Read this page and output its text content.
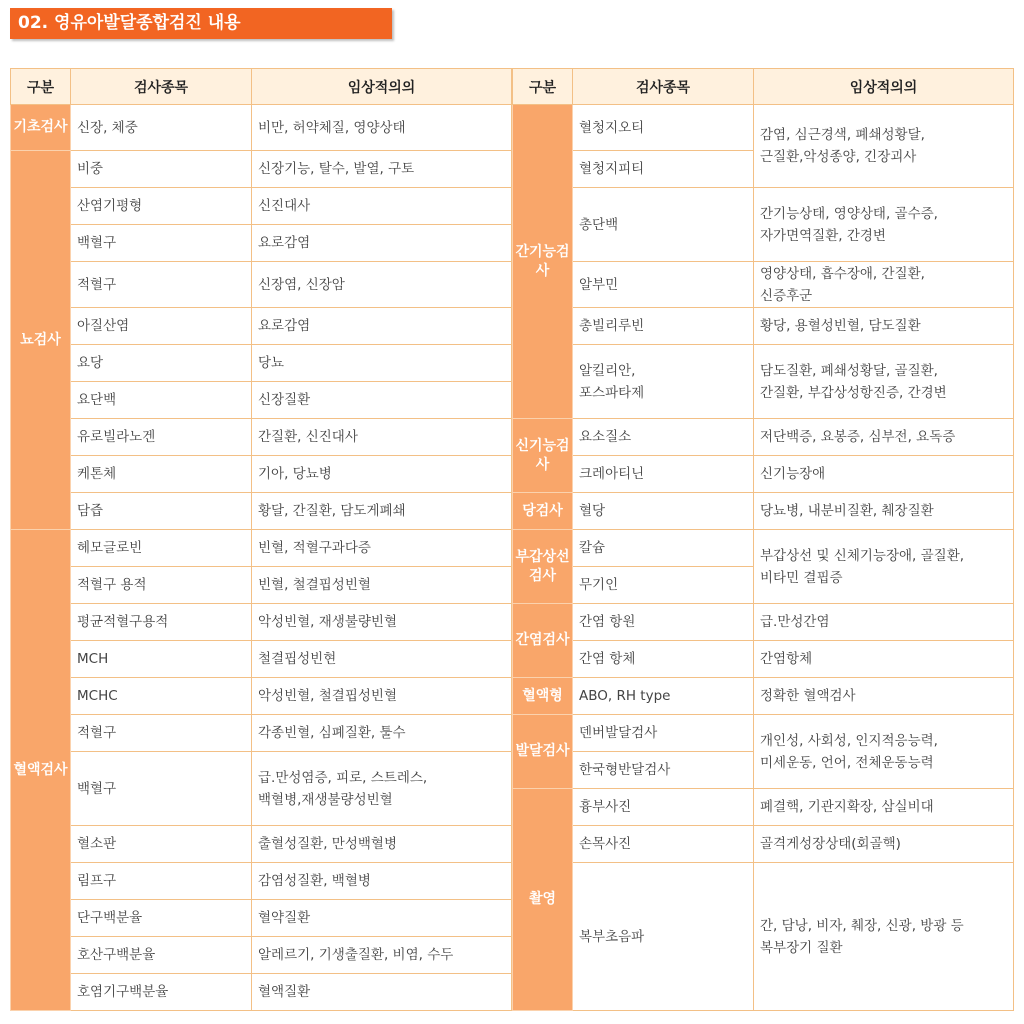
02. 영유아발달종합검진 내용
구분	검사종목	임상적의의
기초검사	신장, 체중	비만, 허약체질, 영양상태
뇨검사	비중	신장기능, 탈수, 발열, 구토
	산염기평형	신진대사
	백혈구	요로감염
	적혈구	신장염, 신장암
	아질산염	요로감염
	요당	당뇨
	요단백	신장질환
	유로빌라노겐	간질환, 신진대사
	케톤체	기아, 당뇨병
	담즙	황달, 간질환, 담도게폐쇄
혈액검사	헤모글로빈	빈혈, 적혈구과다증
	적혈구 용적	빈혈, 철결핍성빈혈
	평균적혈구용적	악성빈혈, 재생불량빈혈
	MCH	철결핍성빈현
	MCHC	악성빈혈, 철결핍성빈혈
	적혈구	각종빈혈, 심폐질환, 툴수
	백혈구	급.만성염증, 피로, 스트레스,
백혈병,재생불량성빈혈

	혈소판	출혈성질환, 만성백혈병
	림프구	감염성질환, 백혈병
	단구백분율	혈약질환
	호산구백분율	알레르기, 기생출질환, 비염, 수두
	호염기구백분율	혈액질환
구분	검사종목	임상적의의
간기능검사	혈청지오티	감염, 심근경색, 폐쇄성황달,
근질환,악성종양, 긴장괴사

	혈청지피티	
	총단백	간기능상태, 영양상태, 골수증,
자가면역질환, 간경변

	알부민	영양상태, 흡수장애, 간질환,
신증후군

	총빌리루빈	황당, 용혈성빈혈, 담도질환

	알킬리안,
포스파타제	담도질환, 폐쇄성황달, 골질환,
간질환, 부갑상성항진증, 간경변

신기능검사	요소질소	저단백증, 요봉증, 심부전, 요독증
	크레아티닌	신기능장애
당검사	혈당	당뇨병, 내분비질환, 췌장질환
부갑상선검사	칼슘	부갑상선 및 신체기능장애, 골질환,
비타민 결핍증

	무기인	
간염검사	간염 항원	급.만성간염
	간염 항체	간염항체
혈액형	ABO, RH type	정확한 혈액검사
발달검사	덴버발달검사	개인성, 사회성, 인지적응능력,
미세운동, 언어, 전체운동능력

	한국형반달검사	
촬영	흉부사진	폐결핵, 기관지확장, 삼실비대
	손목사진	골격게성장상태(회골핵)
	복부초음파	간, 담낭, 비자, 췌장, 신광, 방광 등
복부장기 질환
